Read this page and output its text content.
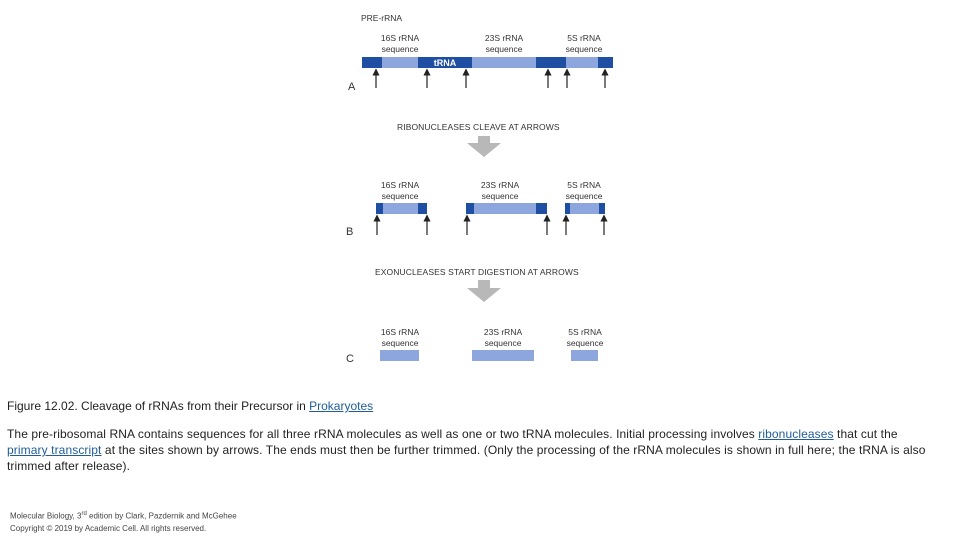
PRE-rRNA
16S rRNA
sequence
23S rRNA
sequence
5S rRNA
sequence
tRNA
A
RIBONUCLEASES CLEAVE AT ARROWS
16S rRNA
sequence
23S rRNA
sequence
5S rRNA
sequence
B
EXONUCLEASES START DIGESTION AT ARROWS
16S rRNA
sequence
23S rRNA
sequence
5S rRNA
sequence
C

Figure 12.02. Cleavage of rRNAs from their Precursor in Prokaryotes

The pre-ribosomal RNA contains sequences for all three rRNA molecules as well as one or two tRNA molecules. Initial processing involves ribonucleases that cut the primary transcript at the sites shown by arrows. The ends must then be further trimmed. (Only the processing of the rRNA molecules is shown in full here; the tRNA is also trimmed after release).

Molecular Biology, 3rd edition by Clark, Pazdernik and McGehee
Copyright © 2019 by Academic Cell. All rights reserved.
